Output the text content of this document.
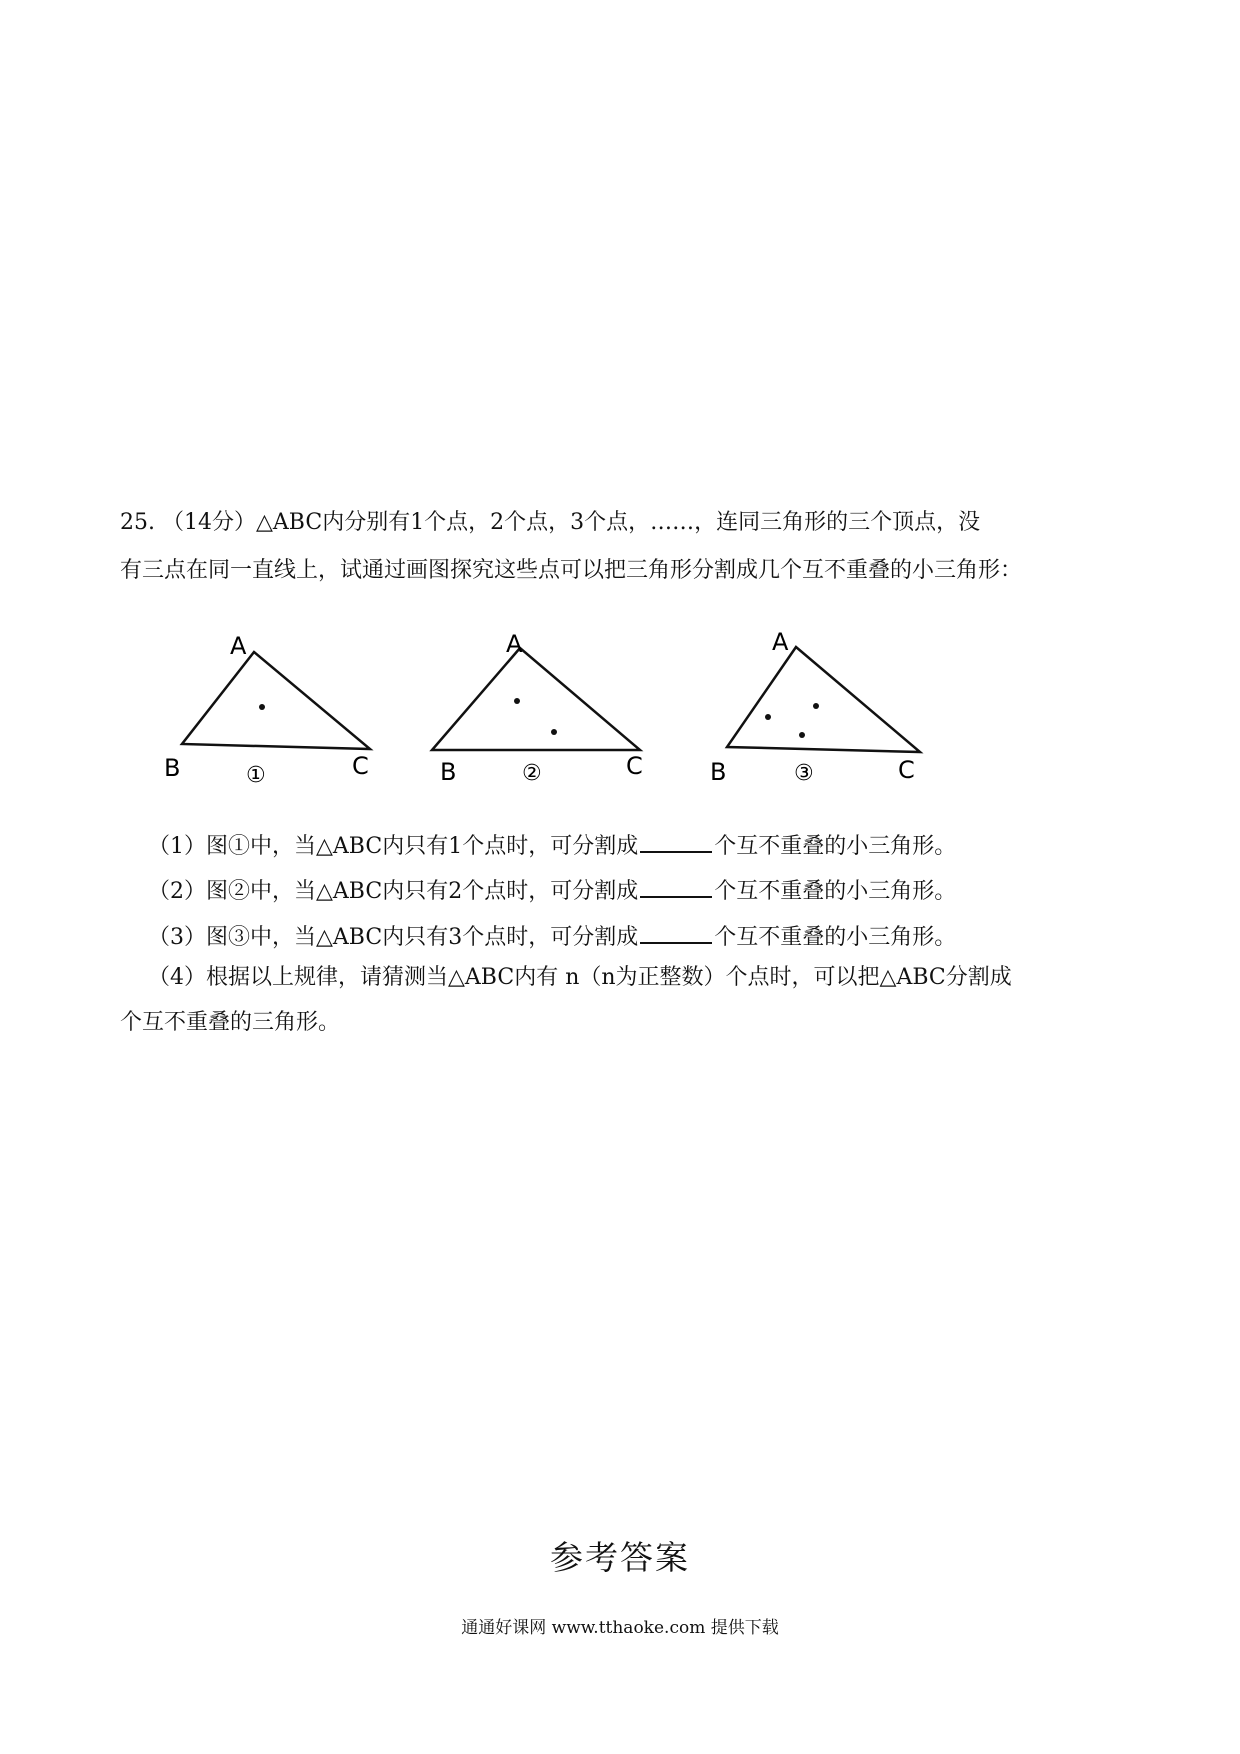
25. （14分）△ABC内分别有1个点，2个点，3个点，……，连同三角形的三个顶点，没
有三点在同一直线上，试通过画图探究这些点可以把三角形分割成几个互不重叠的小三角形：
A
B	C
①
A
B	C
②
A
B	C
③
（1）图①中，当△ABC内只有1个点时，可分割成	个互不重叠的小三角形。
（2）图②中，当△ABC内只有2个点时，可分割成	个互不重叠的小三角形。
（3）图③中，当△ABC内只有3个点时，可分割成	个互不重叠的小三角形。
（4）根据以上规律，请猜测当△ABC内有 n（n为正整数）个点时，可以把△ABC分割成
个互不重叠的三角形。
参考答案
通通好课网 www.tthaoke.com 提供下载
